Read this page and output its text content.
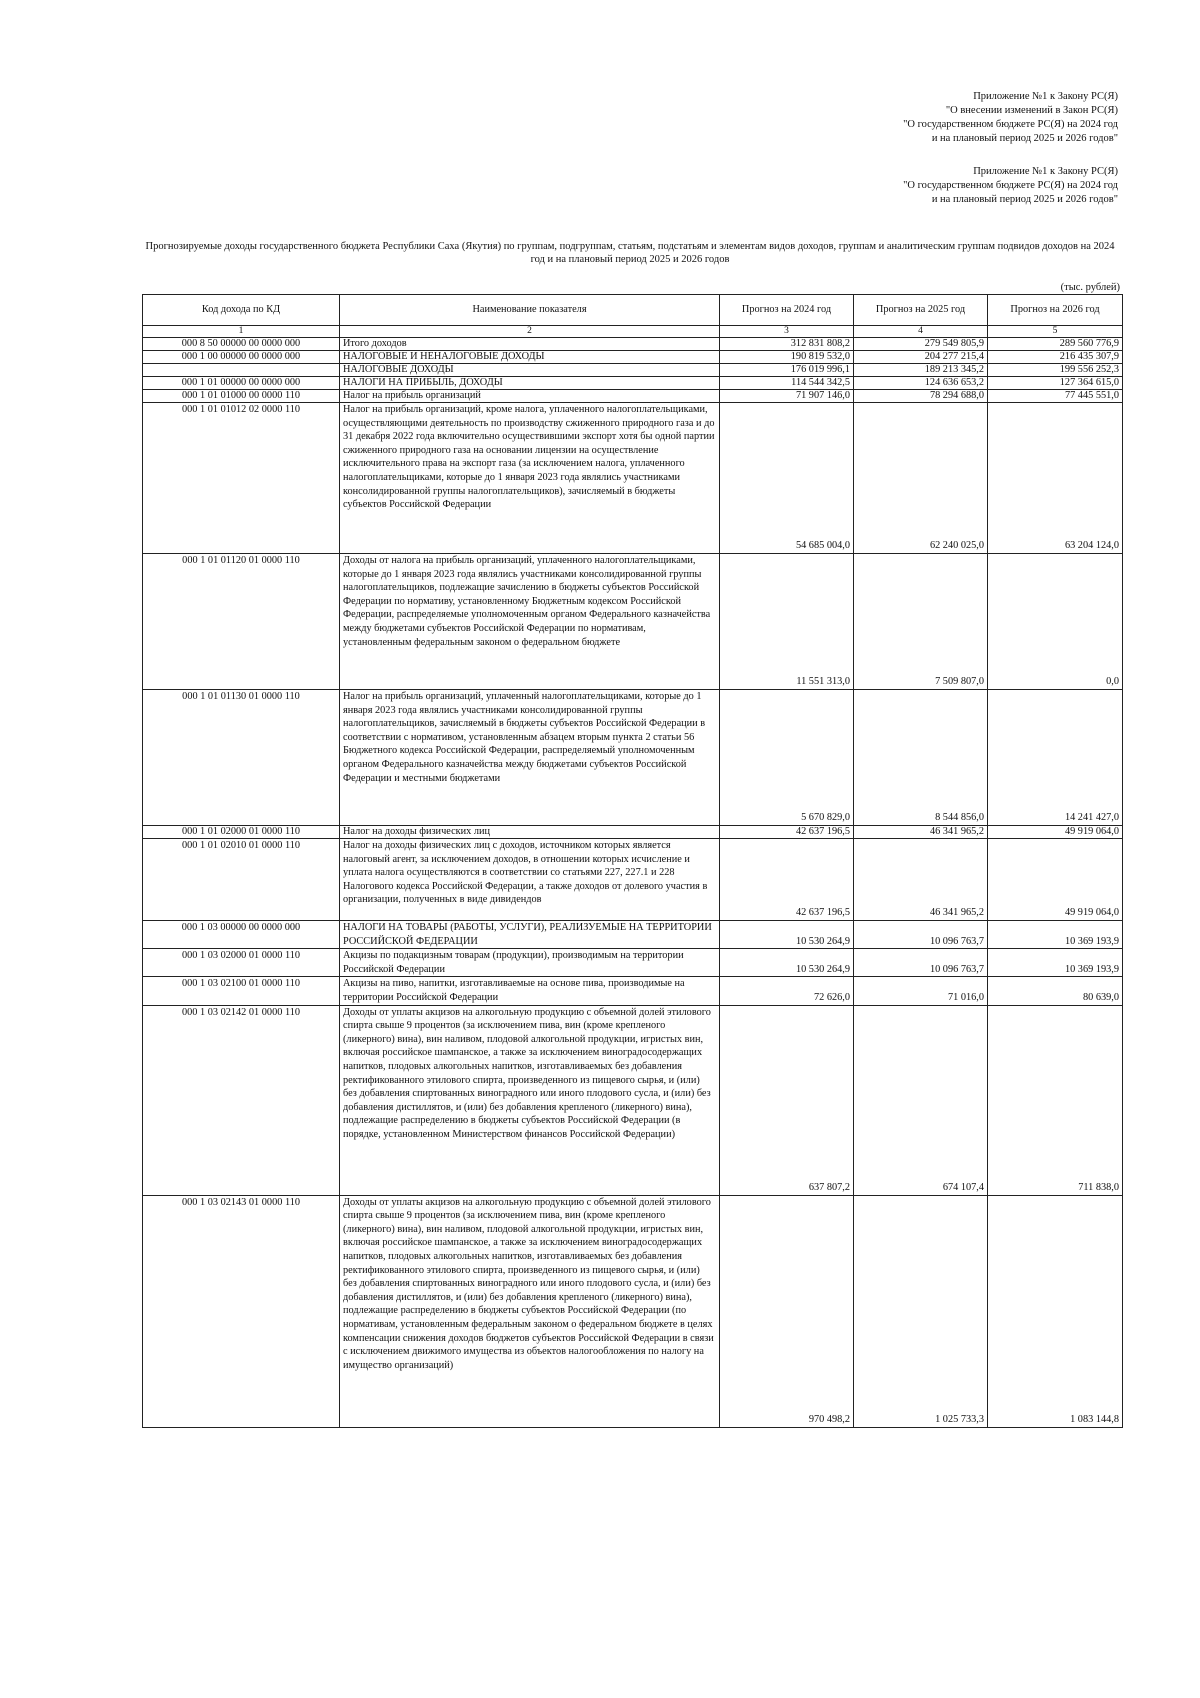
Приложение №1 к Закону РС(Я)
"О внесении изменений в Закон РС(Я)
"О государственном бюджете РС(Я) на 2024 год
и на плановый период 2025 и 2026 годов"
Приложение №1 к Закону РС(Я)
"О государственном бюджете РС(Я) на 2024 год
и на плановый период 2025 и 2026 годов"
Прогнозируемые доходы государственного бюджета Республики Саха (Якутия) по группам, подгруппам, статьям, подстатьям и элементам видов доходов, группам и аналитическим группам подвидов доходов на 2024 год и на плановый период 2025 и 2026 годов
(тыс. рублей)
Код дохода по КД	Наименование показателя	Прогноз на 2024 год	Прогноз на 2025 год	Прогноз на 2026 год
1	2	3	4	5
000 8 50 00000 00 0000 000	Итого доходов	312 831 808,2	279 549 805,9	289 560 776,9
000 1 00 00000 00 0000 000	НАЛОГОВЫЕ И НЕНАЛОГОВЫЕ ДОХОДЫ	190 819 532,0	204 277 215,4	216 435 307,9
	НАЛОГОВЫЕ ДОХОДЫ	176 019 996,1	189 213 345,2	199 556 252,3
000 1 01 00000 00 0000 000	НАЛОГИ НА ПРИБЫЛЬ, ДОХОДЫ	114 544 342,5	124 636 653,2	127 364 615,0
000 1 01 01000 00 0000 110	Налог на прибыль организаций	71 907 146,0	78 294 688,0	77 445 551,0
000 1 01 01012 02 0000 110	Налог на прибыль организаций, кроме налога, уплаченного налогоплательщиками, осуществляющими деятельность по производству сжиженного природного газа и до 31 декабря 2022 года включительно осуществившими экспорт хотя бы одной партии сжиженного природного газа на основании лицензии на осуществление исключительного права на экспорт газа (за исключением налога, уплаченного налогоплательщиками, которые до 1 января 2023 года являлись участниками консолидированной группы налогоплательщиков), зачисляемый в бюджеты субъектов Российской Федерации	54 685 004,0	62 240 025,0	63 204 124,0
000 1 01 01120 01 0000 110	Доходы от налога на прибыль организаций, уплаченного налогоплательщиками, которые до 1 января 2023 года являлись участниками консолидированной группы налогоплательщиков, подлежащие зачислению в бюджеты субъектов Российской Федерации по нормативу, установленному Бюджетным кодексом Российской Федерации, распределяемые уполномоченным органом Федерального казначейства между бюджетами субъектов Российской Федерации по нормативам, установленным федеральным законом о федеральном бюджете	11 551 313,0	7 509 807,0	0,0
000 1 01 01130 01 0000 110	Налог на прибыль организаций, уплаченный налогоплательщиками, которые до 1 января 2023 года являлись участниками консолидированной группы налогоплательщиков, зачисляемый в бюджеты субъектов Российской Федерации в соответствии с нормативом, установленным абзацем вторым пункта 2 статьи 56 Бюджетного кодекса Российской Федерации, распределяемый уполномоченным органом Федерального казначейства между бюджетами субъектов Российской Федерации и местными бюджетами	5 670 829,0	8 544 856,0	14 241 427,0
000 1 01 02000 01 0000 110	Налог на доходы физических лиц	42 637 196,5	46 341 965,2	49 919 064,0
000 1 01 02010 01 0000 110	Налог на доходы физических лиц с доходов, источником которых является налоговый агент, за исключением доходов, в отношении которых исчисление и уплата налога осуществляются в соответствии со статьями 227, 227.1 и 228 Налогового кодекса Российской Федерации, а также доходов от долевого участия в организации, полученных в виде дивидендов	42 637 196,5	46 341 965,2	49 919 064,0
000 1 03 00000 00 0000 000	НАЛОГИ НА ТОВАРЫ (РАБОТЫ, УСЛУГИ), РЕАЛИЗУЕМЫЕ НА ТЕРРИТОРИИ РОССИЙСКОЙ ФЕДЕРАЦИИ	10 530 264,9	10 096 763,7	10 369 193,9
000 1 03 02000 01 0000 110	Акцизы по подакцизным товарам (продукции), производимым на территории Российской Федерации	10 530 264,9	10 096 763,7	10 369 193,9
000 1 03 02100 01 0000 110	Акцизы на пиво, напитки, изготавливаемые на основе пива, производимые на территории Российской Федерации	72 626,0	71 016,0	80 639,0
000 1 03 02142 01 0000 110	Доходы от уплаты акцизов на алкогольную продукцию с объемной долей этилового спирта свыше 9 процентов (за исключением пива, вин (кроме крепленого (ликерного) вина), вин наливом, плодовой алкогольной продукции, игристых вин, включая российское шампанское, а также за исключением виноградосодержащих напитков, плодовых алкогольных напитков, изготавливаемых без добавления ректификованного этилового спирта, произведенного из пищевого сырья, и (или) без добавления спиртованных виноградного или иного плодового сусла, и (или) без добавления дистиллятов, и (или) без добавления крепленого (ликерного) вина), подлежащие распределению в бюджеты субъектов Российской Федерации (в порядке, установленном Министерством финансов Российской Федерации)	637 807,2	674 107,4	711 838,0
000 1 03 02143 01 0000 110	Доходы от уплаты акцизов на алкогольную продукцию с объемной долей этилового спирта свыше 9 процентов (за исключением пива, вин (кроме крепленого (ликерного) вина), вин наливом, плодовой алкогольной продукции, игристых вин, включая российское шампанское, а также за исключением виноградосодержащих напитков, плодовых алкогольных напитков, изготавливаемых без добавления ректификованного этилового спирта, произведенного из пищевого сырья, и (или) без добавления спиртованных виноградного или иного плодового сусла, и (или) без добавления дистиллятов, и (или) без добавления крепленого (ликерного) вина), подлежащие распределению в бюджеты субъектов Российской Федерации (по нормативам, установленным федеральным законом о федеральном бюджете в целях компенсации снижения доходов бюджетов субъектов Российской Федерации в связи с исключением движимого имущества из объектов налогообложения по налогу на имущество организаций)	970 498,2	1 025 733,3	1 083 144,8
